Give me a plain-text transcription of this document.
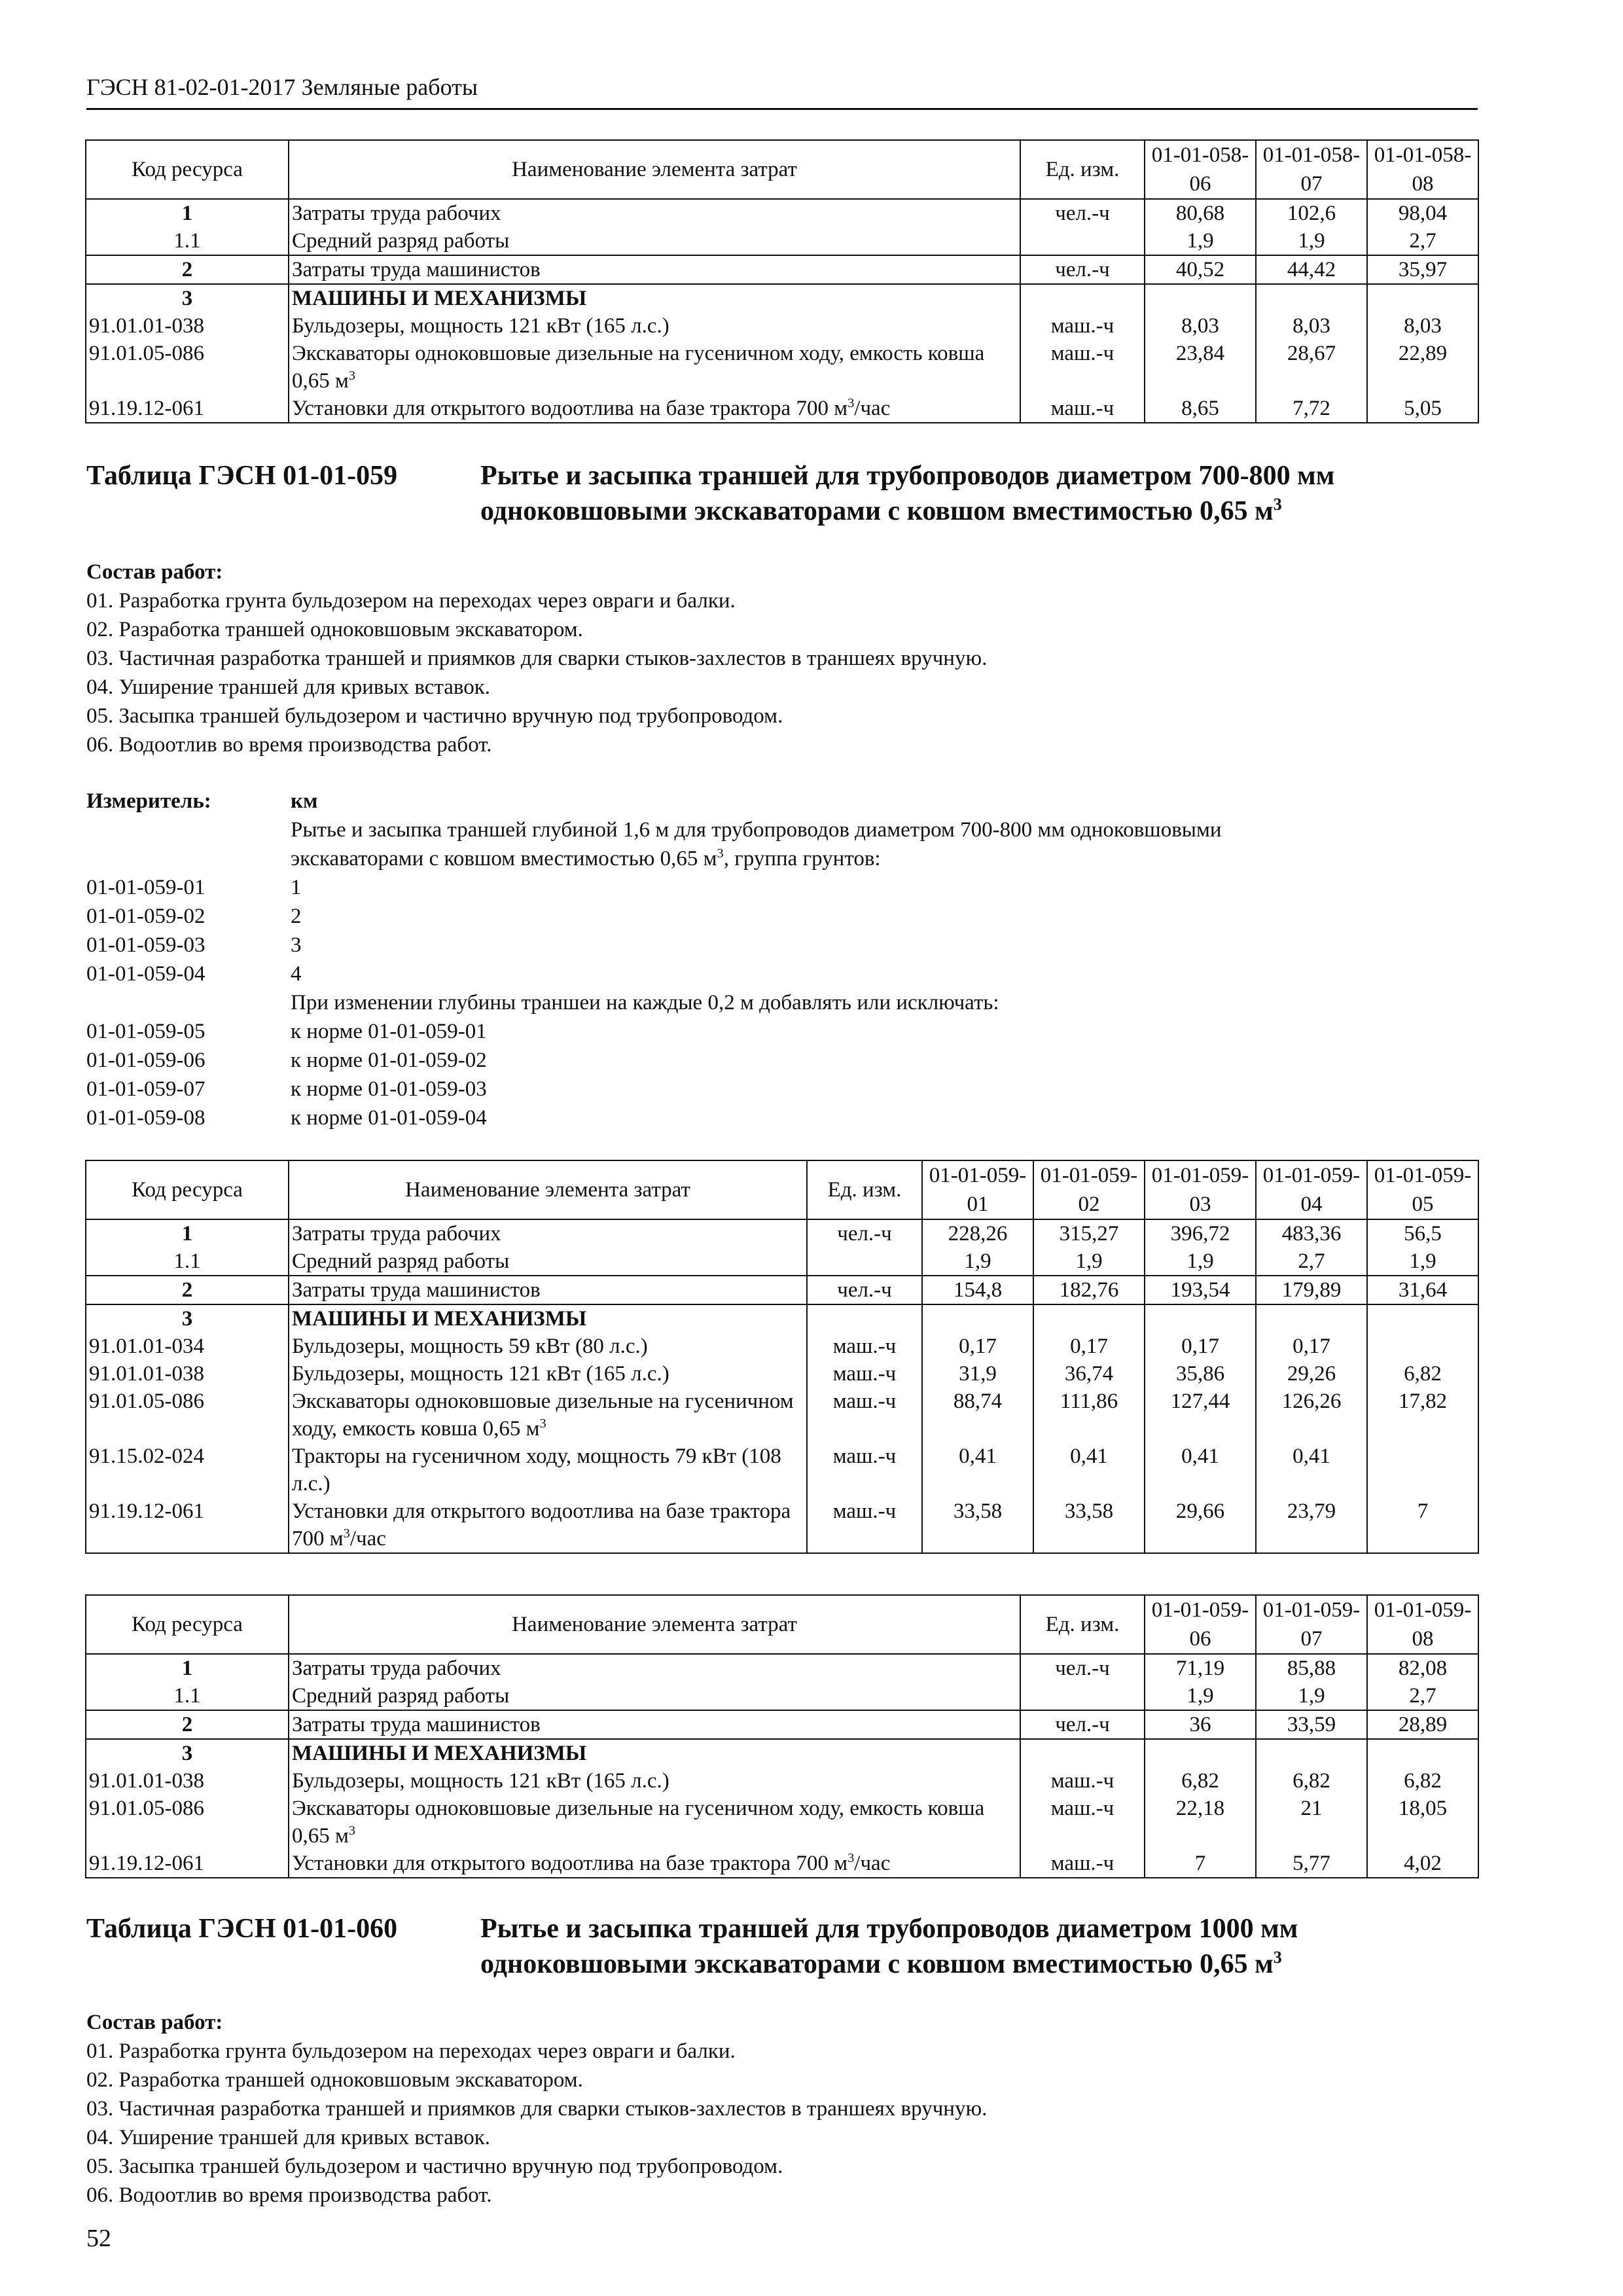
ГЭСН 81-02-01-2017 Земляные работы
Код ресурса	Наименование элемента затрат	Ед. изм.	01-01-058-06	01-01-058-07	01-01-058-08
1	Затраты труда рабочих	чел.-ч	80,68	102,6	98,04
1.1	Средний разряд работы		1,9	1,9	2,7
2	Затраты труда машинистов	чел.-ч	40,52	44,42	35,97
3	МАШИНЫ И МЕХАНИЗМЫ				
91.01.01-038	Бульдозеры, мощность 121 кВт (165 л.с.)	маш.-ч	8,03	8,03	8,03
91.01.05-086	Экскаваторы одноковшовые дизельные на гусеничном ходу, емкость ковша 0,65 $м^3$	маш.-ч	23,84	28,67	22,89
91.19.12-061	Установки для открытого водоотлива на базе трактора 700 $м^3$/час	маш.-ч	8,65	7,72	5,05
Таблица ГЭСН 01-01-059	Рытье и засыпка траншей для трубопроводов диаметром 700-800 мм одноковшовыми экскаваторами с ковшом вместимостью 0,65 $м^3$
Состав работ:
01. Разработка грунта бульдозером на переходах через овраги и балки.
02. Разработка траншей одноковшовым экскаватором.
03. Частичная разработка траншей и приямков для сварки стыков-захлестов в траншеях вручную.
04. Уширение траншей для кривых вставок.
05. Засыпка траншей бульдозером и частично вручную под трубопроводом.
06. Водоотлив во время производства работ.
Измеритель:	км
Рытье и засыпка траншей глубиной 1,6 м для трубопроводов диаметром 700-800 мм одноковшовыми
экскаваторами с ковшом вместимостью 0,65 $м^3$, группа грунтов:
01-01-059-01	1
01-01-059-02	2
01-01-059-03	3
01-01-059-04	4
При изменении глубины траншеи на каждые 0,2 м добавлять или исключать:
01-01-059-05	к норме 01-01-059-01
01-01-059-06	к норме 01-01-059-02
01-01-059-07	к норме 01-01-059-03
01-01-059-08	к норме 01-01-059-04
Код ресурса	Наименование элемента затрат	Ед. изм.	01-01-059-01	01-01-059-02	01-01-059-03	01-01-059-04	01-01-059-05
1	Затраты труда рабочих	чел.-ч	228,26	315,27	396,72	483,36	56,5
1.1	Средний разряд работы		1,9	1,9	1,9	2,7	1,9
2	Затраты труда машинистов	чел.-ч	154,8	182,76	193,54	179,89	31,64
3	МАШИНЫ И МЕХАНИЗМЫ						
91.01.01-034	Бульдозеры, мощность 59 кВт (80 л.с.)	маш.-ч	0,17	0,17	0,17	0,17	
91.01.01-038	Бульдозеры, мощность 121 кВт (165 л.с.)	маш.-ч	31,9	36,74	35,86	29,26	6,82
91.01.05-086	Экскаваторы одноковшовые дизельные на гусеничном ходу, емкость ковша 0,65 $м^3$	маш.-ч	88,74	111,86	127,44	126,26	17,82
91.15.02-024	Тракторы на гусеничном ходу, мощность 79 кВт (108 л.с.)	маш.-ч	0,41	0,41	0,41	0,41	
91.19.12-061	Установки для открытого водоотлива на базе трактора 700 $м^3$/час	маш.-ч	33,58	33,58	29,66	23,79	7
Код ресурса	Наименование элемента затрат	Ед. изм.	01-01-059-06	01-01-059-07	01-01-059-08
1	Затраты труда рабочих	чел.-ч	71,19	85,88	82,08
1.1	Средний разряд работы		1,9	1,9	2,7
2	Затраты труда машинистов	чел.-ч	36	33,59	28,89
3	МАШИНЫ И МЕХАНИЗМЫ				
91.01.01-038	Бульдозеры, мощность 121 кВт (165 л.с.)	маш.-ч	6,82	6,82	6,82
91.01.05-086	Экскаваторы одноковшовые дизельные на гусеничном ходу, емкость ковша 0,65 $м^3$	маш.-ч	22,18	21	18,05
91.19.12-061	Установки для открытого водоотлива на базе трактора 700 $м^3$/час	маш.-ч	7	5,77	4,02
Таблица ГЭСН 01-01-060	Рытье и засыпка траншей для трубопроводов диаметром 1000 мм одноковшовыми экскаваторами с ковшом вместимостью 0,65 $м^3$
Состав работ:
01. Разработка грунта бульдозером на переходах через овраги и балки.
02. Разработка траншей одноковшовым экскаватором.
03. Частичная разработка траншей и приямков для сварки стыков-захлестов в траншеях вручную.
04. Уширение траншей для кривых вставок.
05. Засыпка траншей бульдозером и частично вручную под трубопроводом.
06. Водоотлив во время производства работ.
52
